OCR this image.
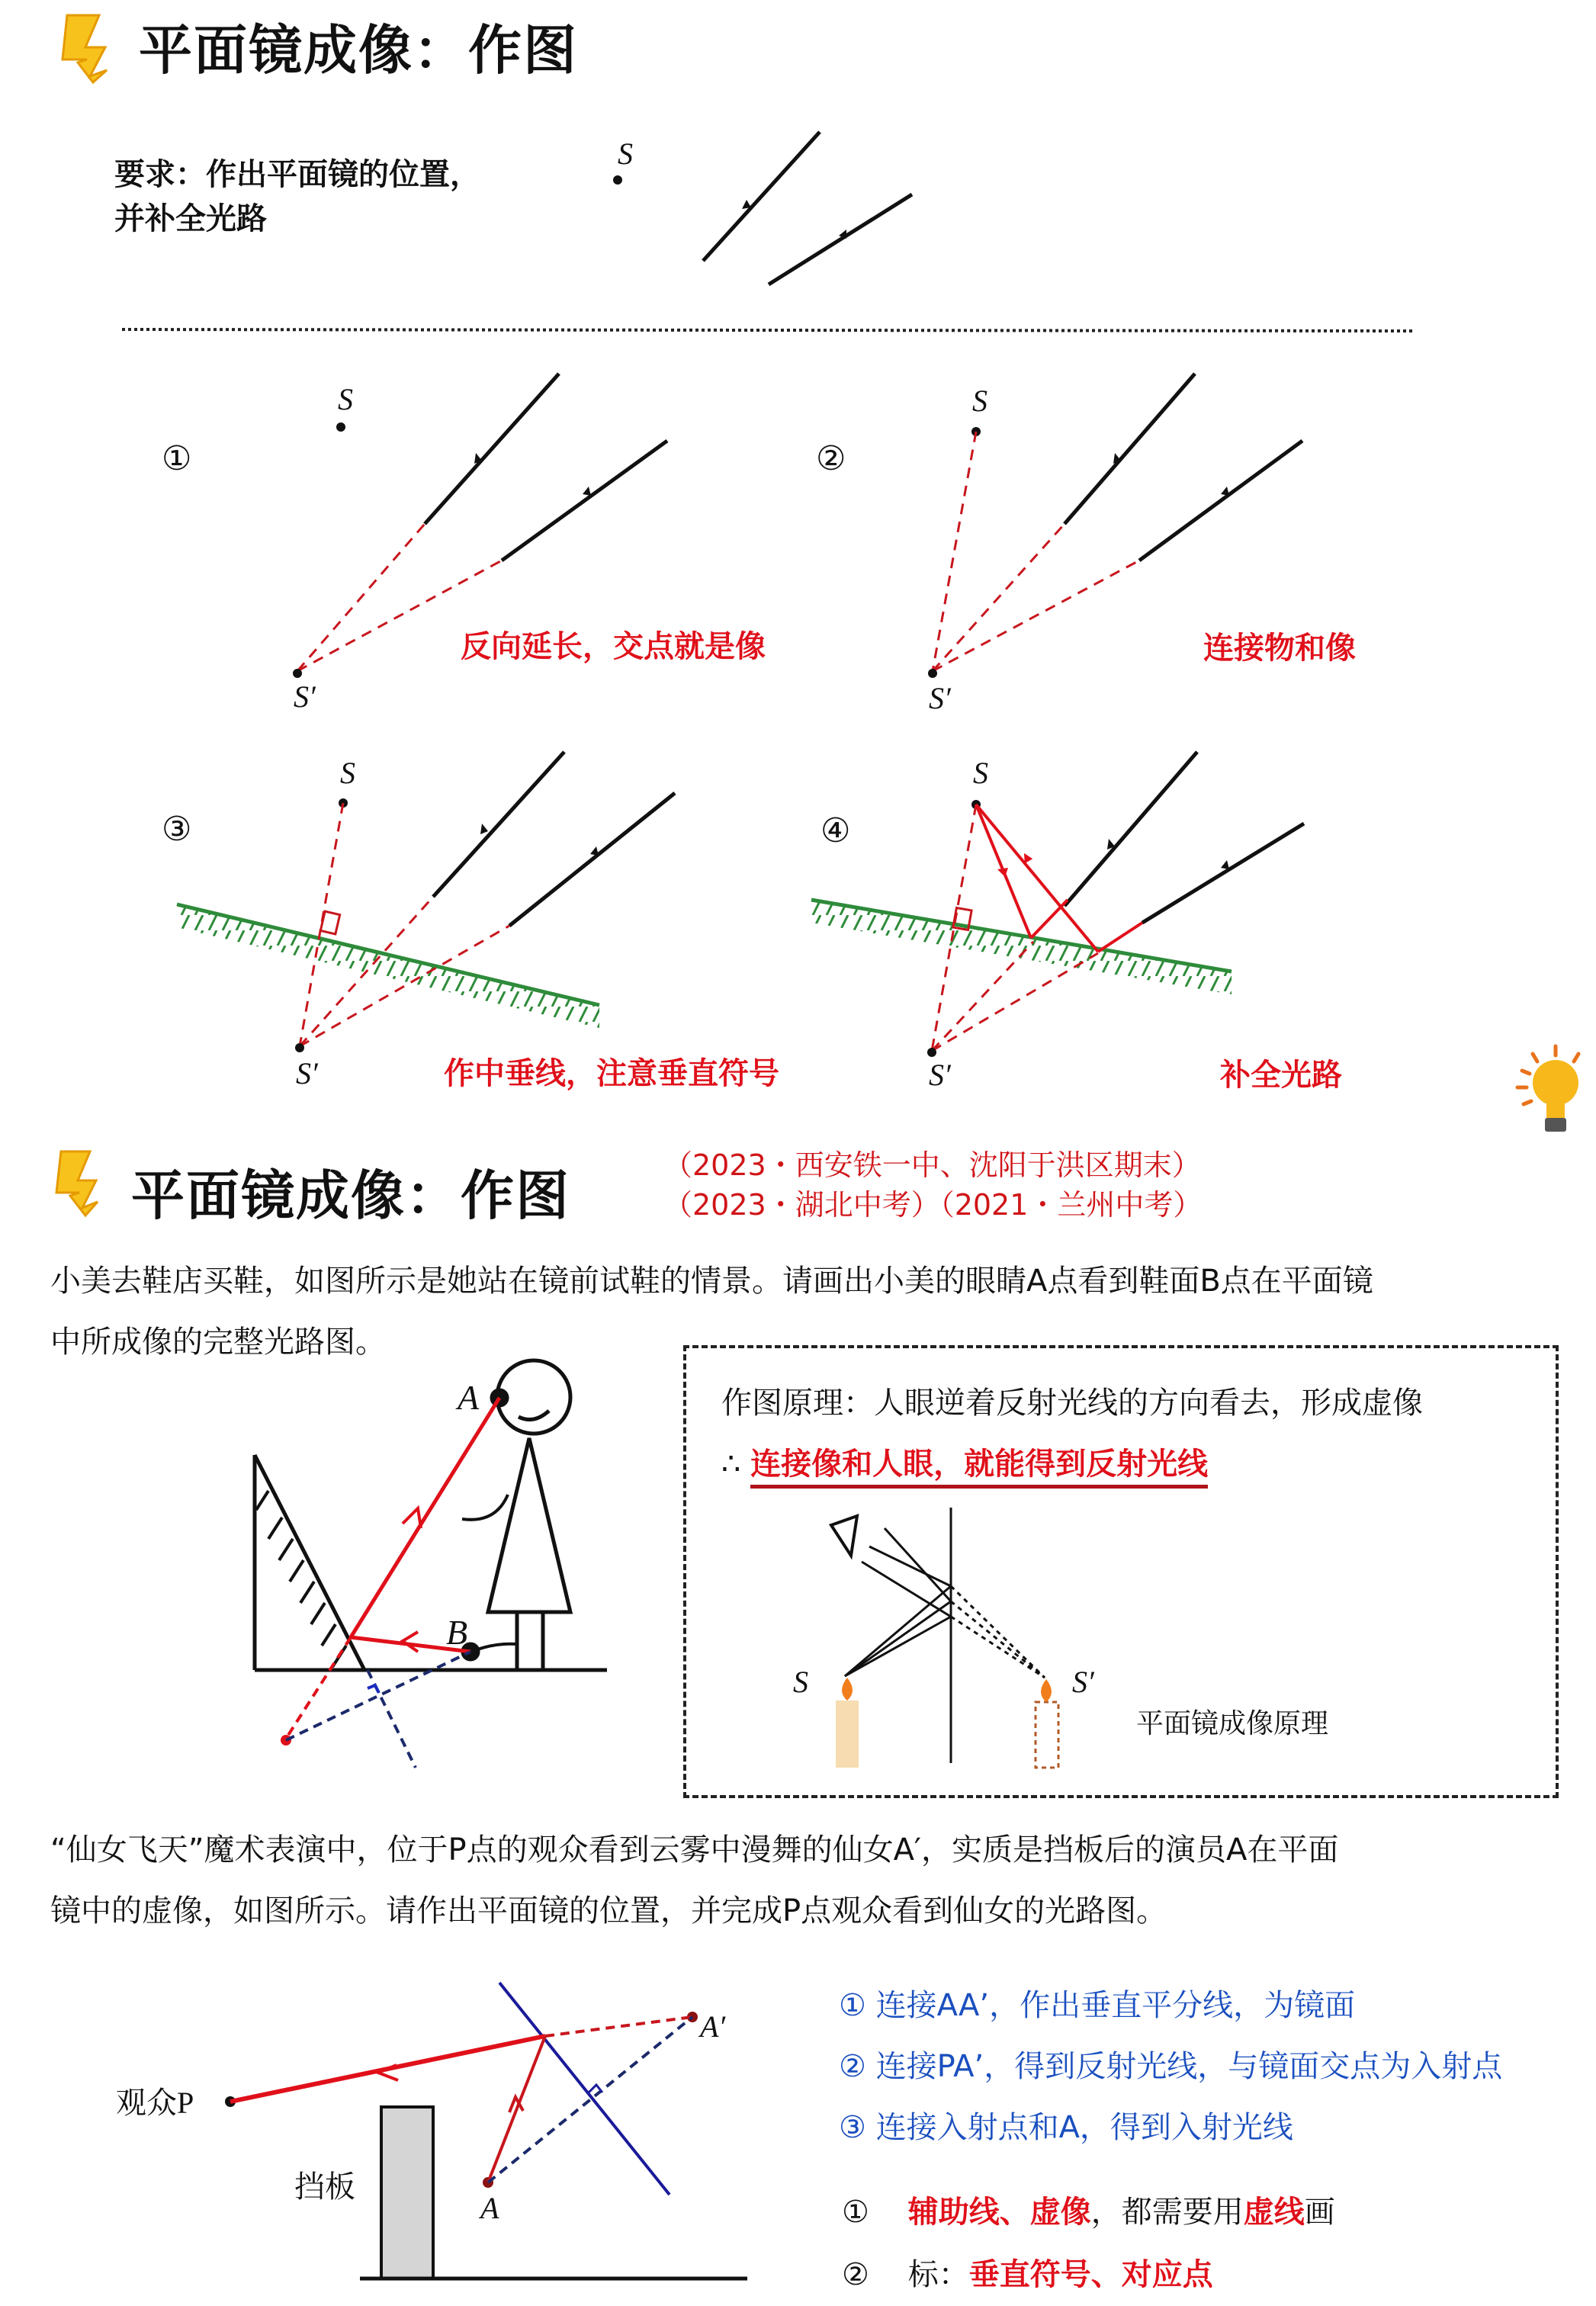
平面镜成像：作图
要求：作出平面镜的位置，
并补全光路
S
①
S
S′
反向延长，交点就是像
②
S
S′
连接物和像
③
S
S′	作中垂线，注意垂直符号
④
S
S′	补全光路
平面镜成像：作图	（2023・西安铁一中、沈阳于洪区期末）
（2023・湖北中考）（2021・兰州中考）
小美去鞋店买鞋，如图所示是她站在镜前试鞋的情景。请画出小美的眼睛A点看到鞋面B点在平面镜
中所成像的完整光路图。
A
B
作图原理：人眼逆着反射光线的方向看去，形成虚像
∴ 连接像和人眼，就能得到反射光线
S	S′
平面镜成像原理
“仙女飞天”魔术表演中，位于P点的观众看到云雾中漫舞的仙女A′，实质是挡板后的演员A在平面
镜中的虚像，如图所示。请作出平面镜的位置，并完成P点观众看到仙女的光路图。
观众P
挡板
A
A′
① 连接AA’，作出垂直平分线，为镜面
② 连接PA’，得到反射光线，与镜面交点为入射点
③ 连接入射点和A，得到入射光线
① 辅助线、虚像，都需要用虚线画
② 标：垂直符号、对应点
